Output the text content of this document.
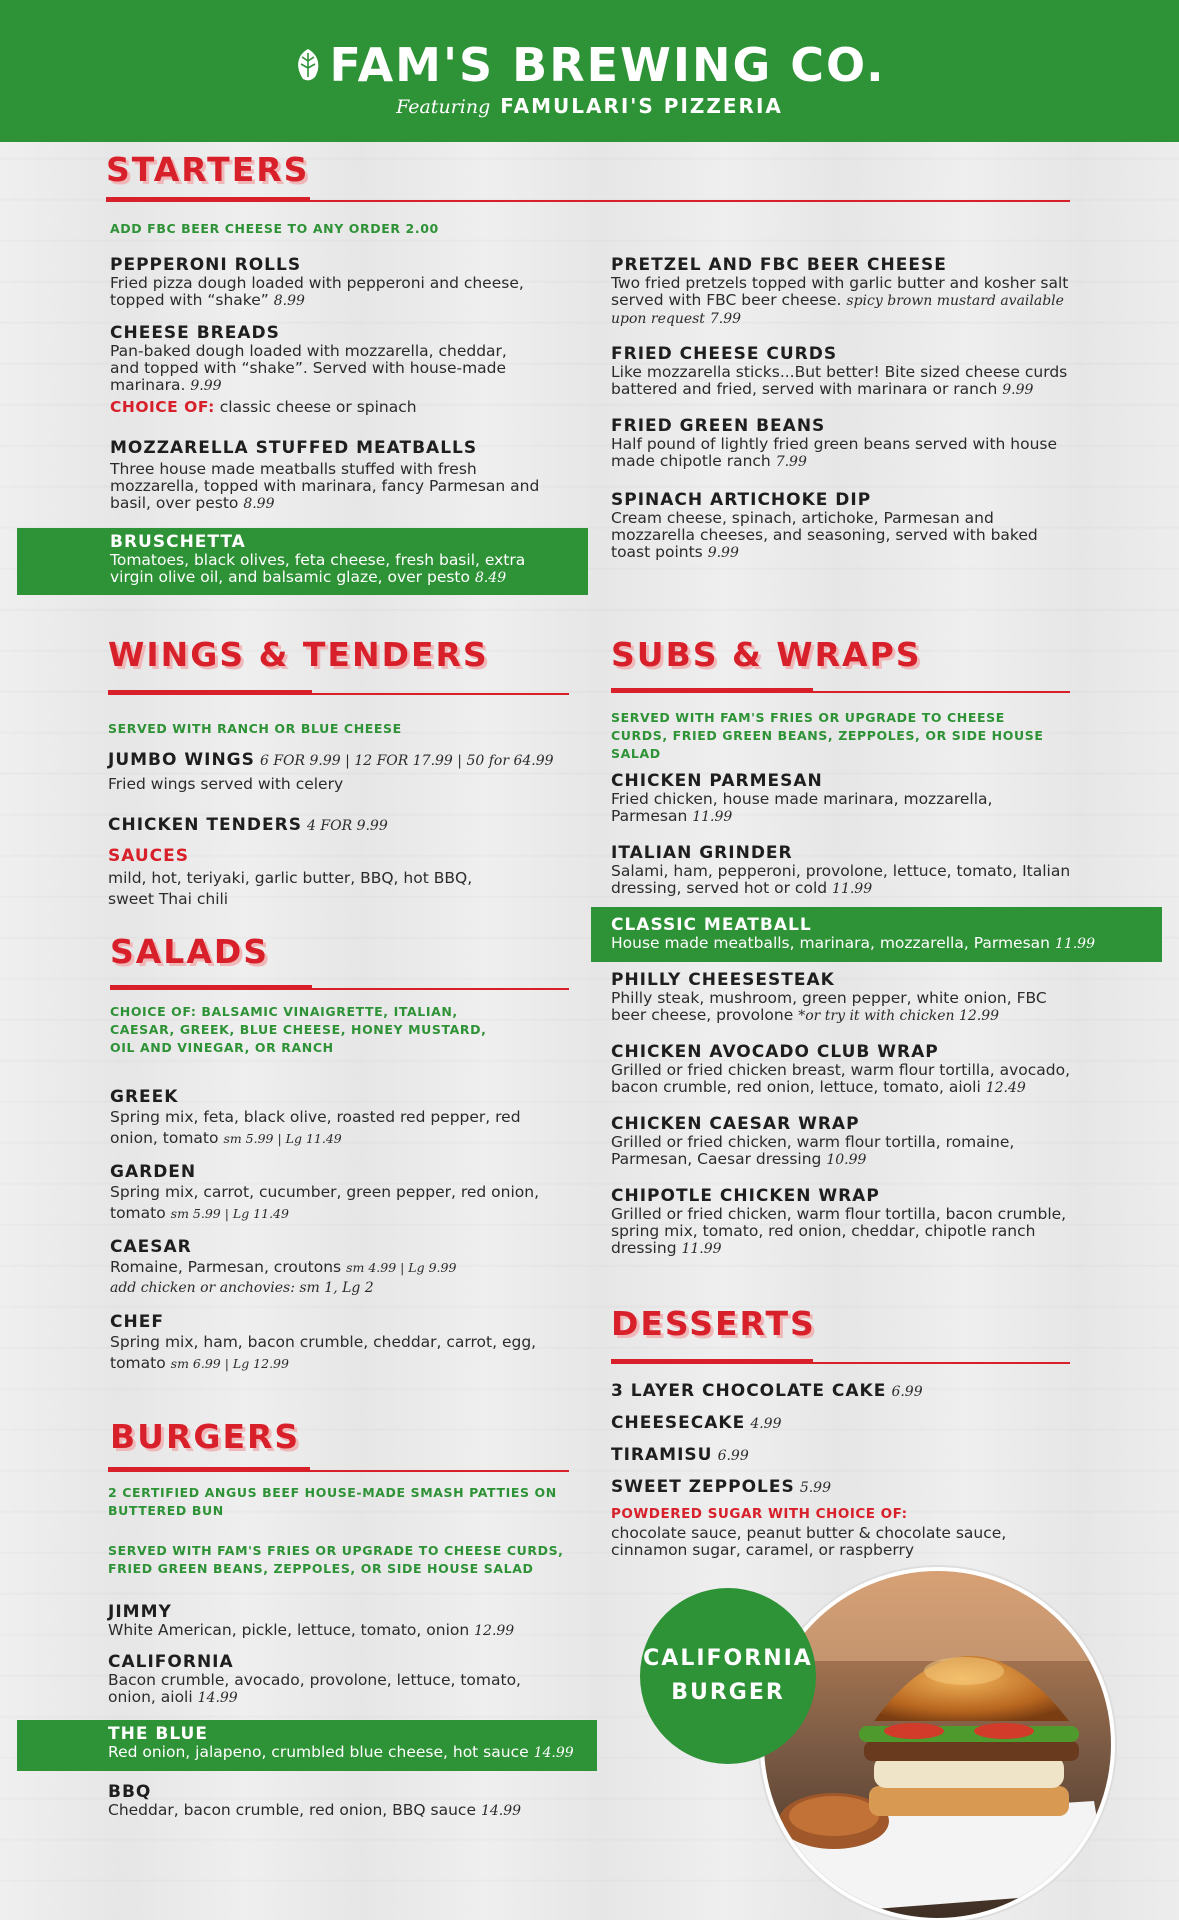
FAM'S BREWING CO.
Featuring FAMULARI'S PIZZERIA
STARTERS
ADD FBC BEER CHEESE TO ANY ORDER 2.00
PEPPERONI ROLLS
Fried pizza dough loaded with pepperoni and cheese, topped with “shake” 8.99
CHEESE BREADS
Pan-baked dough loaded with mozzarella, cheddar, and topped with “shake”. Served with house-made marinara. 9.99
CHOICE OF: classic cheese or spinach
MOZZARELLA STUFFED MEATBALLS
Three house made meatballs stuffed with fresh mozzarella, topped with marinara, fancy Parmesan and basil, over pesto 8.99
BRUSCHETTA
Tomatoes, black olives, feta cheese, fresh basil, extra virgin olive oil, and balsamic glaze, over pesto 8.49
PRETZEL AND FBC BEER CHEESE
Two fried pretzels topped with garlic butter and kosher salt served with FBC beer cheese. spicy brown mustard available upon request 7.99
FRIED CHEESE CURDS
Like mozzarella sticks...But better! Bite sized cheese curds battered and fried, served with marinara or ranch 9.99
FRIED GREEN BEANS
Half pound of lightly fried green beans served with house made chipotle ranch 7.99
SPINACH ARTICHOKE DIP
Cream cheese, spinach, artichoke, Parmesan and mozzarella cheeses, and seasoning, served with baked toast points 9.99
WINGS & TENDERS
SERVED WITH RANCH OR BLUE CHEESE
JUMBO WINGS 6 FOR 9.99 | 12 FOR 17.99 | 50 for 64.99
Fried wings served with celery
CHICKEN TENDERS 4 FOR 9.99
SAUCES
mild, hot, teriyaki, garlic butter, BBQ, hot BBQ, sweet Thai chili
SALADS
CHOICE OF: BALSAMIC VINAIGRETTE, ITALIAN, CAESAR, GREEK, BLUE CHEESE, HONEY MUSTARD, OIL AND VINEGAR, OR RANCH
GREEK
Spring mix, feta, black olive, roasted red pepper, red onion, tomato sm 5.99 | Lg 11.49
GARDEN
Spring mix, carrot, cucumber, green pepper, red onion, tomato sm 5.99 | Lg 11.49
CAESAR
Romaine, Parmesan, croutons sm 4.99 | Lg 9.99
add chicken or anchovies: sm 1, Lg 2
CHEF
Spring mix, ham, bacon crumble, cheddar, carrot, egg, tomato sm 6.99 | Lg 12.99
BURGERS
2 CERTIFIED ANGUS BEEF HOUSE-MADE SMASH PATTIES ON BUTTERED BUN
SERVED WITH FAM'S FRIES OR UPGRADE TO CHEESE CURDS, FRIED GREEN BEANS, ZEPPOLES, OR SIDE HOUSE SALAD
JIMMY
White American, pickle, lettuce, tomato, onion 12.99
CALIFORNIA
Bacon crumble, avocado, provolone, lettuce, tomato, onion, aioli 14.99
THE BLUE
Red onion, jalapeno, crumbled blue cheese, hot sauce 14.99
BBQ
Cheddar, bacon crumble, red onion, BBQ sauce 14.99
SUBS & WRAPS
SERVED WITH FAM'S FRIES OR UPGRADE TO CHEESE CURDS, FRIED GREEN BEANS, ZEPPOLES, OR SIDE HOUSE SALAD
CHICKEN PARMESAN
Fried chicken, house made marinara, mozzarella, Parmesan 11.99
ITALIAN GRINDER
Salami, ham, pepperoni, provolone, lettuce, tomato, Italian dressing, served hot or cold 11.99
CLASSIC MEATBALL
House made meatballs, marinara, mozzarella, Parmesan 11.99
PHILLY CHEESESTEAK
Philly steak, mushroom, green pepper, white onion, FBC beer cheese, provolone *or try it with chicken 12.99
CHICKEN AVOCADO CLUB WRAP
Grilled or fried chicken breast, warm flour tortilla, avocado, bacon crumble, red onion, lettuce, tomato, aioli 12.49
CHICKEN CAESAR WRAP
Grilled or fried chicken, warm flour tortilla, romaine, Parmesan, Caesar dressing 10.99
CHIPOTLE CHICKEN WRAP
Grilled or fried chicken, warm flour tortilla, bacon crumble, spring mix, tomato, red onion, cheddar, chipotle ranch dressing 11.99
DESSERTS
3 LAYER CHOCOLATE CAKE 6.99
CHEESECAKE 4.99
TIRAMISU 6.99
SWEET ZEPPOLES 5.99
POWDERED SUGAR WITH CHOICE OF:
chocolate sauce, peanut butter & chocolate sauce, cinnamon sugar, caramel, or raspberry
CALIFORNIA
BURGER
